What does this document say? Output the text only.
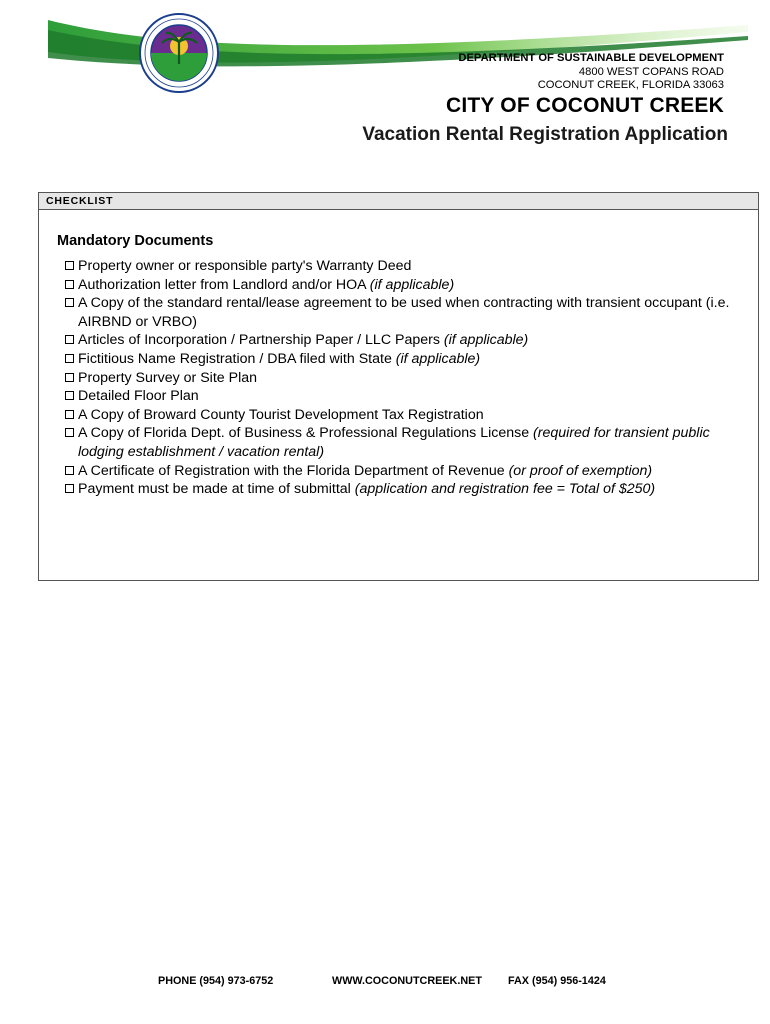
DEPARTMENT OF SUSTAINABLE DEVELOPMENT
4800 WEST COPANS ROAD
COCONUT CREEK, FLORIDA 33063
CITY OF COCONUT CREEK
Vacation Rental Registration Application
CHECKLIST
Mandatory Documents
Property owner or responsible party's Warranty Deed
Authorization letter from Landlord and/or HOA (if applicable)
A Copy of the standard rental/lease agreement to be used when contracting with transient occupant (i.e. AIRBND or VRBO)
Articles of Incorporation / Partnership Paper / LLC Papers (if applicable)
Fictitious Name Registration / DBA filed with State (if applicable)
Property Survey or Site Plan
Detailed Floor Plan
A Copy of Broward County Tourist Development Tax Registration
A Copy of Florida Dept. of Business & Professional Regulations License (required for transient public lodging establishment / vacation rental)
A Certificate of Registration with the Florida Department of Revenue (or proof of exemption)
Payment must be made at time of submittal (application and registration fee = Total of $250)
PHONE (954) 973-6752	WWW.COCONUTCREEK.NET FAX (954) 956-1424
